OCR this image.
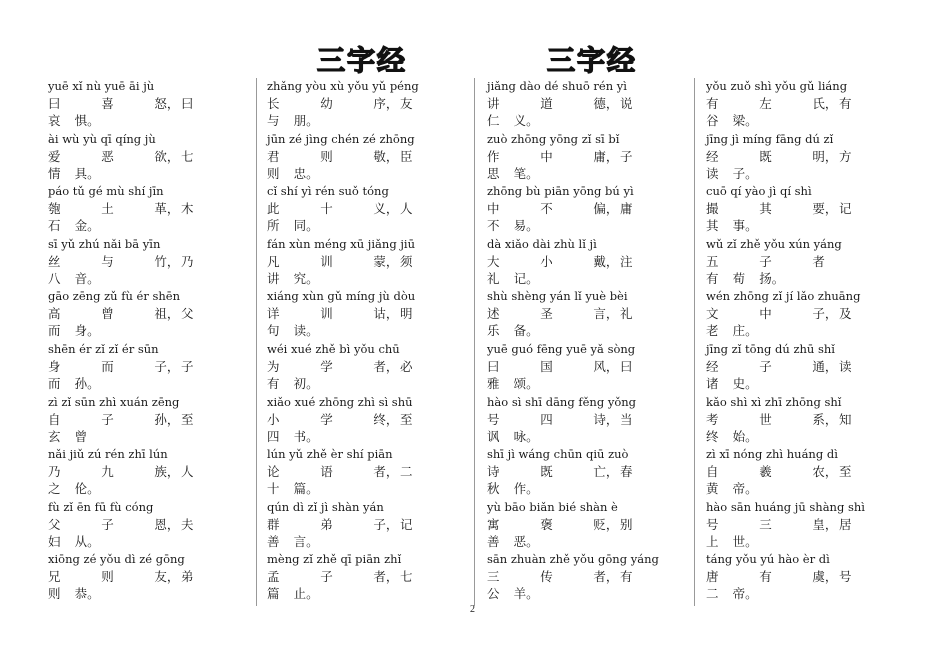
三字经	三字经
yuē xǐ nù yuē āi jù
曰	喜	怒， 曰
哀	惧。
ài wù yù qī qíng jù
爱	恶	欲， 七
情	具。
páo tǔ gé mù shí jīn
匏	土	革， 木
石	金。
sī yǔ zhú nǎi bā yīn
丝	与	竹， 乃
八	音。
gāo zēng zǔ fù ér shēn
高	曾	祖， 父
而	身。
shēn ér zǐ zǐ ér sūn
身	而	子， 子
而	孙。
zì zǐ sūn zhì xuán zēng
自	子	孙， 至
玄	曾
nǎi jiǔ zú rén zhī lún
乃	九	族， 人
之	伦。
fù zǐ ēn fū fù cóng
父	子	恩， 夫
妇	从。
xiōng zé yǒu dì zé gōng
兄	则	友， 弟
则	恭。
zhǎng yòu xù yǒu yǔ péng
长	幼	序， 友
与	朋。
jūn zé jìng chén zé zhōng
君	则	敬， 臣
则	忠。
cǐ shí yì rén suǒ tóng
此	十	义， 人
所	同。
fán xùn méng xū jiǎng jiū
凡	训	蒙， 须
讲	究。
xiáng xùn gǔ míng jù dòu
详	训	诂， 明
句	读。
wéi xué zhě bì yǒu chū
为	学	者， 必
有	初。
xiǎo xué zhōng zhì sì shū
小	学	终， 至
四	书。
lún yǔ zhě èr shí piān
论	语	者， 二
十	篇。
qún dì zǐ jì shàn yán
群	弟	子， 记
善	言。
mèng zǐ zhě qī piān zhǐ
孟	子	者， 七
篇	止。
jiǎng dào dé shuō rén yì
讲	道	德， 说
仁	义。
zuò zhōng yōng zǐ sī bǐ
作	中	庸， 子
思	笔。
zhōng bù piān yōng bú yì
中	不	偏， 庸
不	易。
dà xiǎo dài zhù lǐ jì
大	小	戴， 注
礼	记。
shù shèng yán lǐ yuè bèi
述	圣	言， 礼
乐	备。
yuē guó fēng yuē yǎ sòng
曰	国	风， 曰
雅	颂。
hào sì shī dāng fěng yǒng
号	四	诗， 当
讽	咏。
shī jì wáng chūn qiū zuò
诗	既	亡， 春
秋	作。
yù bāo biǎn bié shàn è
寓	褒	贬， 别
善	恶。
sān zhuàn zhě yǒu gōng yáng
三	传	者， 有
公	羊。
yǒu zuǒ shì yǒu gǔ liáng
有	左	氏， 有
谷	梁。
jīng jì míng fāng dú zǐ
经	既	明， 方
读	子。
cuō qí yào jì qí shì
撮	其	要， 记
其	事。
wǔ zǐ zhě yǒu xún yáng
五	子	者
有	荀	扬。
wén zhōng zǐ jí lǎo zhuāng
文	中	子， 及
老	庄。
jīng zǐ tōng dú zhū shǐ
经	子	通， 读
诸	史。
kǎo shì xì zhī zhōng shǐ
考	世	系， 知
终	始。
zì xī nóng zhì huáng dì
自	羲	农， 至
黄	帝。
hào sān huáng jū shàng shì
号	三	皇， 居
上	世。
táng yǒu yú hào èr dì
唐	有	虞， 号
二	帝。
2
